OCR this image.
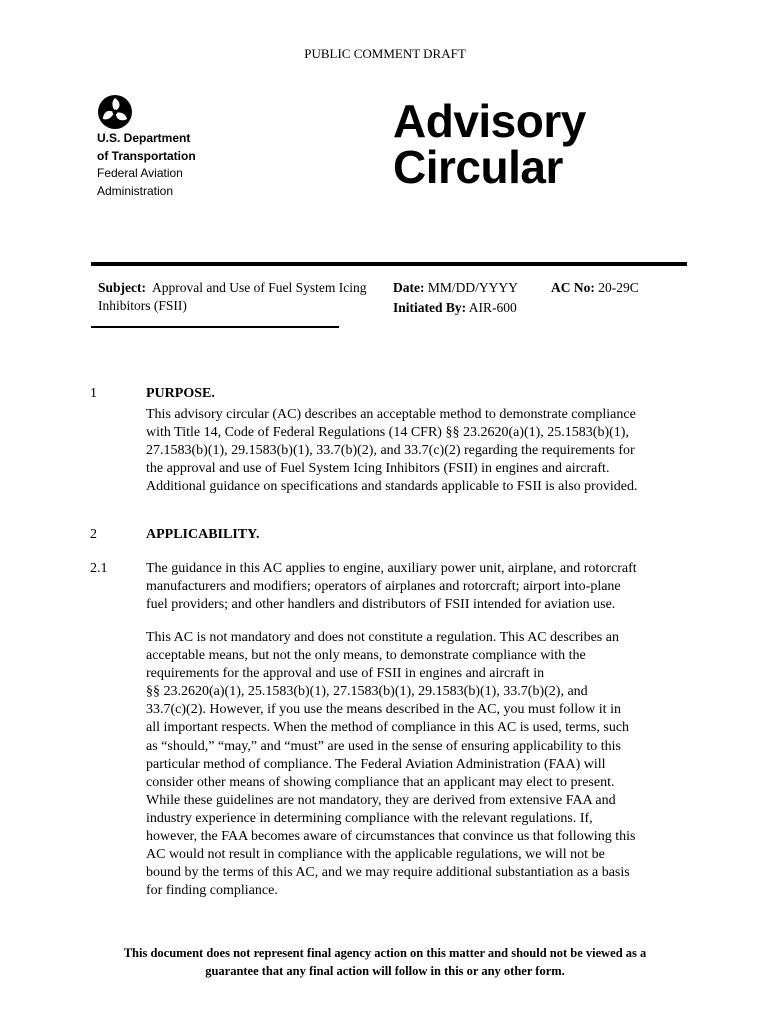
PUBLIC COMMENT DRAFT
U.S. Department
of Transportation
Federal Aviation
Administration
Advisory
Circular
Subject: Approval and Use of Fuel System Icing
Inhibitors (FSII)
Date: MM/DD/YYYY
Initiated By: AIR-600
AC No: 20-29C
1	PURPOSE.
This advisory circular (AC) describes an acceptable method to demonstrate compliance
with Title 14, Code of Federal Regulations (14 CFR) §§ 23.2620(a)(1), 25.1583(b)(1),
27.1583(b)(1), 29.1583(b)(1), 33.7(b)(2), and 33.7(c)(2) regarding the requirements for
the approval and use of Fuel System Icing Inhibitors (FSII) in engines and aircraft.
Additional guidance on specifications and standards applicable to FSII is also provided.
2	APPLICABILITY.
2.1	The guidance in this AC applies to engine, auxiliary power unit, airplane, and rotorcraft
manufacturers and modifiers; operators of airplanes and rotorcraft; airport into-plane
fuel providers; and other handlers and distributors of FSII intended for aviation use.
This AC is not mandatory and does not constitute a regulation. This AC describes an
acceptable means, but not the only means, to demonstrate compliance with the
requirements for the approval and use of FSII in engines and aircraft in
§§ 23.2620(a)(1), 25.1583(b)(1), 27.1583(b)(1), 29.1583(b)(1), 33.7(b)(2), and
33.7(c)(2). However, if you use the means described in the AC, you must follow it in
all important respects. When the method of compliance in this AC is used, terms, such
as “should,” “may,” and “must” are used in the sense of ensuring applicability to this
particular method of compliance. The Federal Aviation Administration (FAA) will
consider other means of showing compliance that an applicant may elect to present.
While these guidelines are not mandatory, they are derived from extensive FAA and
industry experience in determining compliance with the relevant regulations. If,
however, the FAA becomes aware of circumstances that convince us that following this
AC would not result in compliance with the applicable regulations, we will not be
bound by the terms of this AC, and we may require additional substantiation as a basis
for finding compliance.
This document does not represent final agency action on this matter and should not be viewed as a
guarantee that any final action will follow in this or any other form.
